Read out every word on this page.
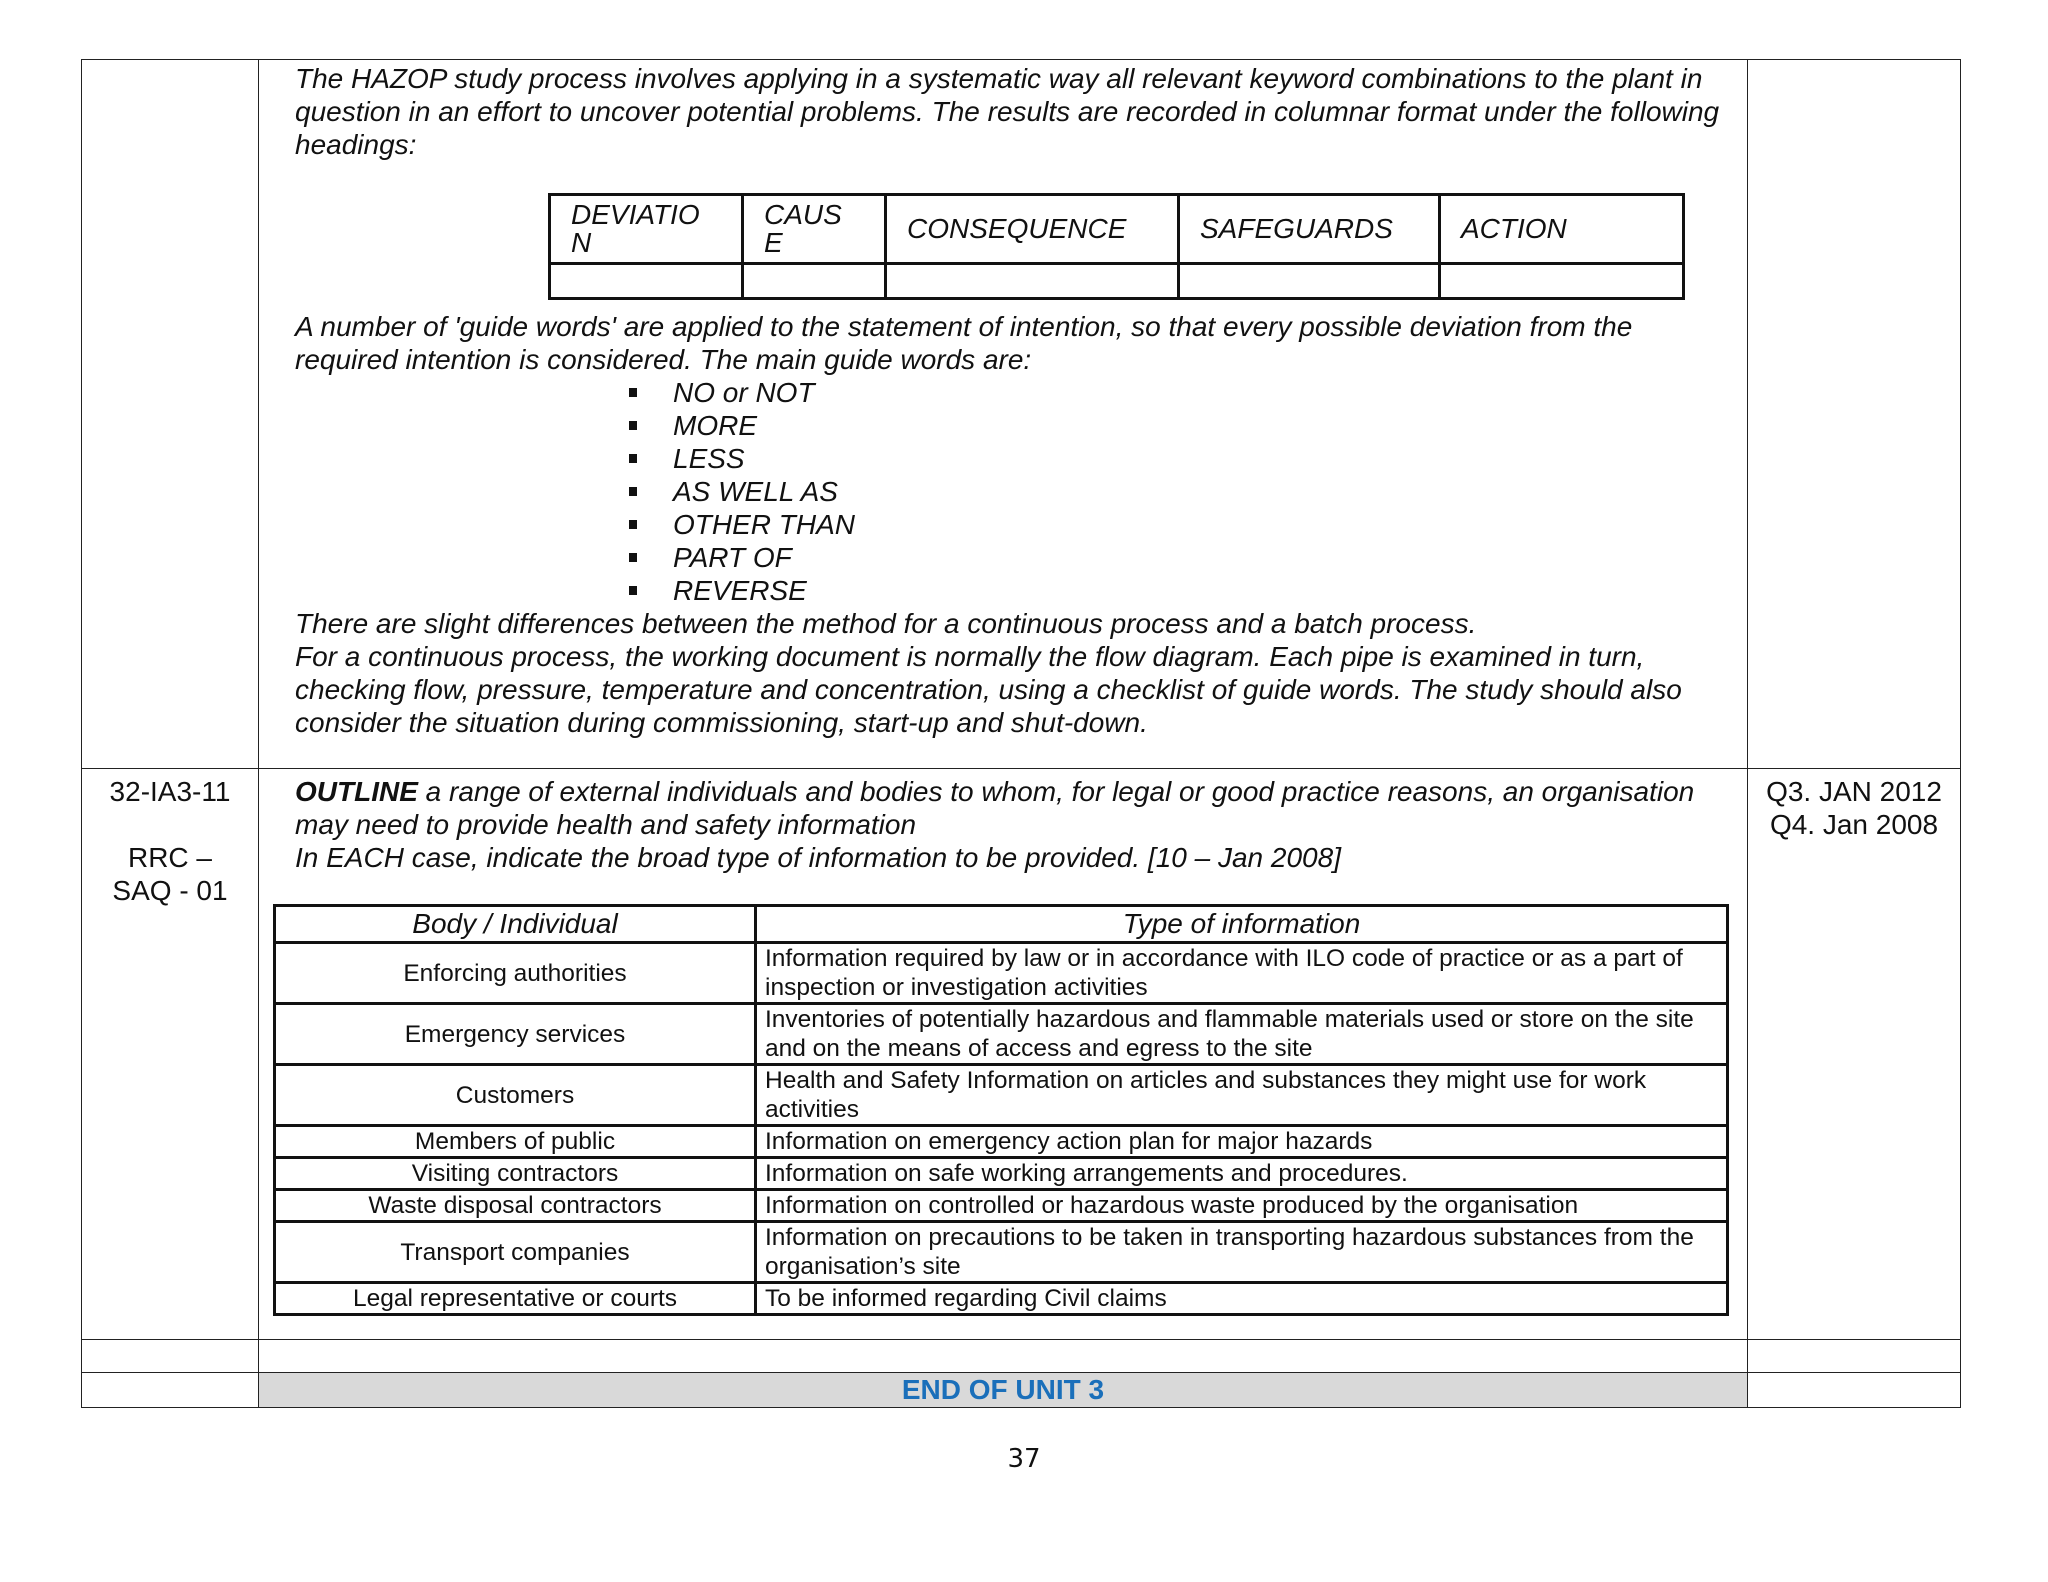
The HAZOP study process involves applying in a systematic way all relevant keyword combinations to the plant in question in an effort to uncover potential problems. The results are recorded in columnar format under the following headings:

DEVIATIO N	CAUS E	CONSEQUENCE	SAFEGUARDS	ACTION

A number of 'guide words' are applied to the statement of intention, so that every possible deviation from the required intention is considered. The main guide words are:

NO or NOT
MORE
LESS
AS WELL AS
OTHER THAN
PART OF
REVERSE

There are slight differences between the method for a continuous process and a batch process.

For a continuous process, the working document is normally the flow diagram. Each pipe is examined in turn, checking flow, pressure, temperature and concentration, using a checklist of guide words. The study should also consider the situation during commissioning, start-up and shut-down.

32-IA3-11
RRC – SAQ - 01

OUTLINE a range of external individuals and bodies to whom, for legal or good practice reasons, an organisation may need to provide health and safety information

In EACH case, indicate the broad type of information to be provided. [10 – Jan 2008]

Body / Individual	Type of information
Enforcing authorities	Information required by law or in accordance with ILO code of practice or as a part of inspection or investigation activities
Emergency services	Inventories of potentially hazardous and flammable materials used or store on the site and on the means of access and egress to the site
Customers	Health and Safety Information on articles and substances they might use for work activities
Members of public	Information on emergency action plan for major hazards
Visiting contractors	Information on safe working arrangements and procedures.
Waste disposal contractors	Information on controlled or hazardous waste produced by the organisation
Transport companies	Information on precautions to be taken in transporting hazardous substances from the organisation’s site
Legal representative or courts	To be informed regarding Civil claims

Q3. JAN 2012
Q4. Jan 2008

	END OF UNIT 3	
37
